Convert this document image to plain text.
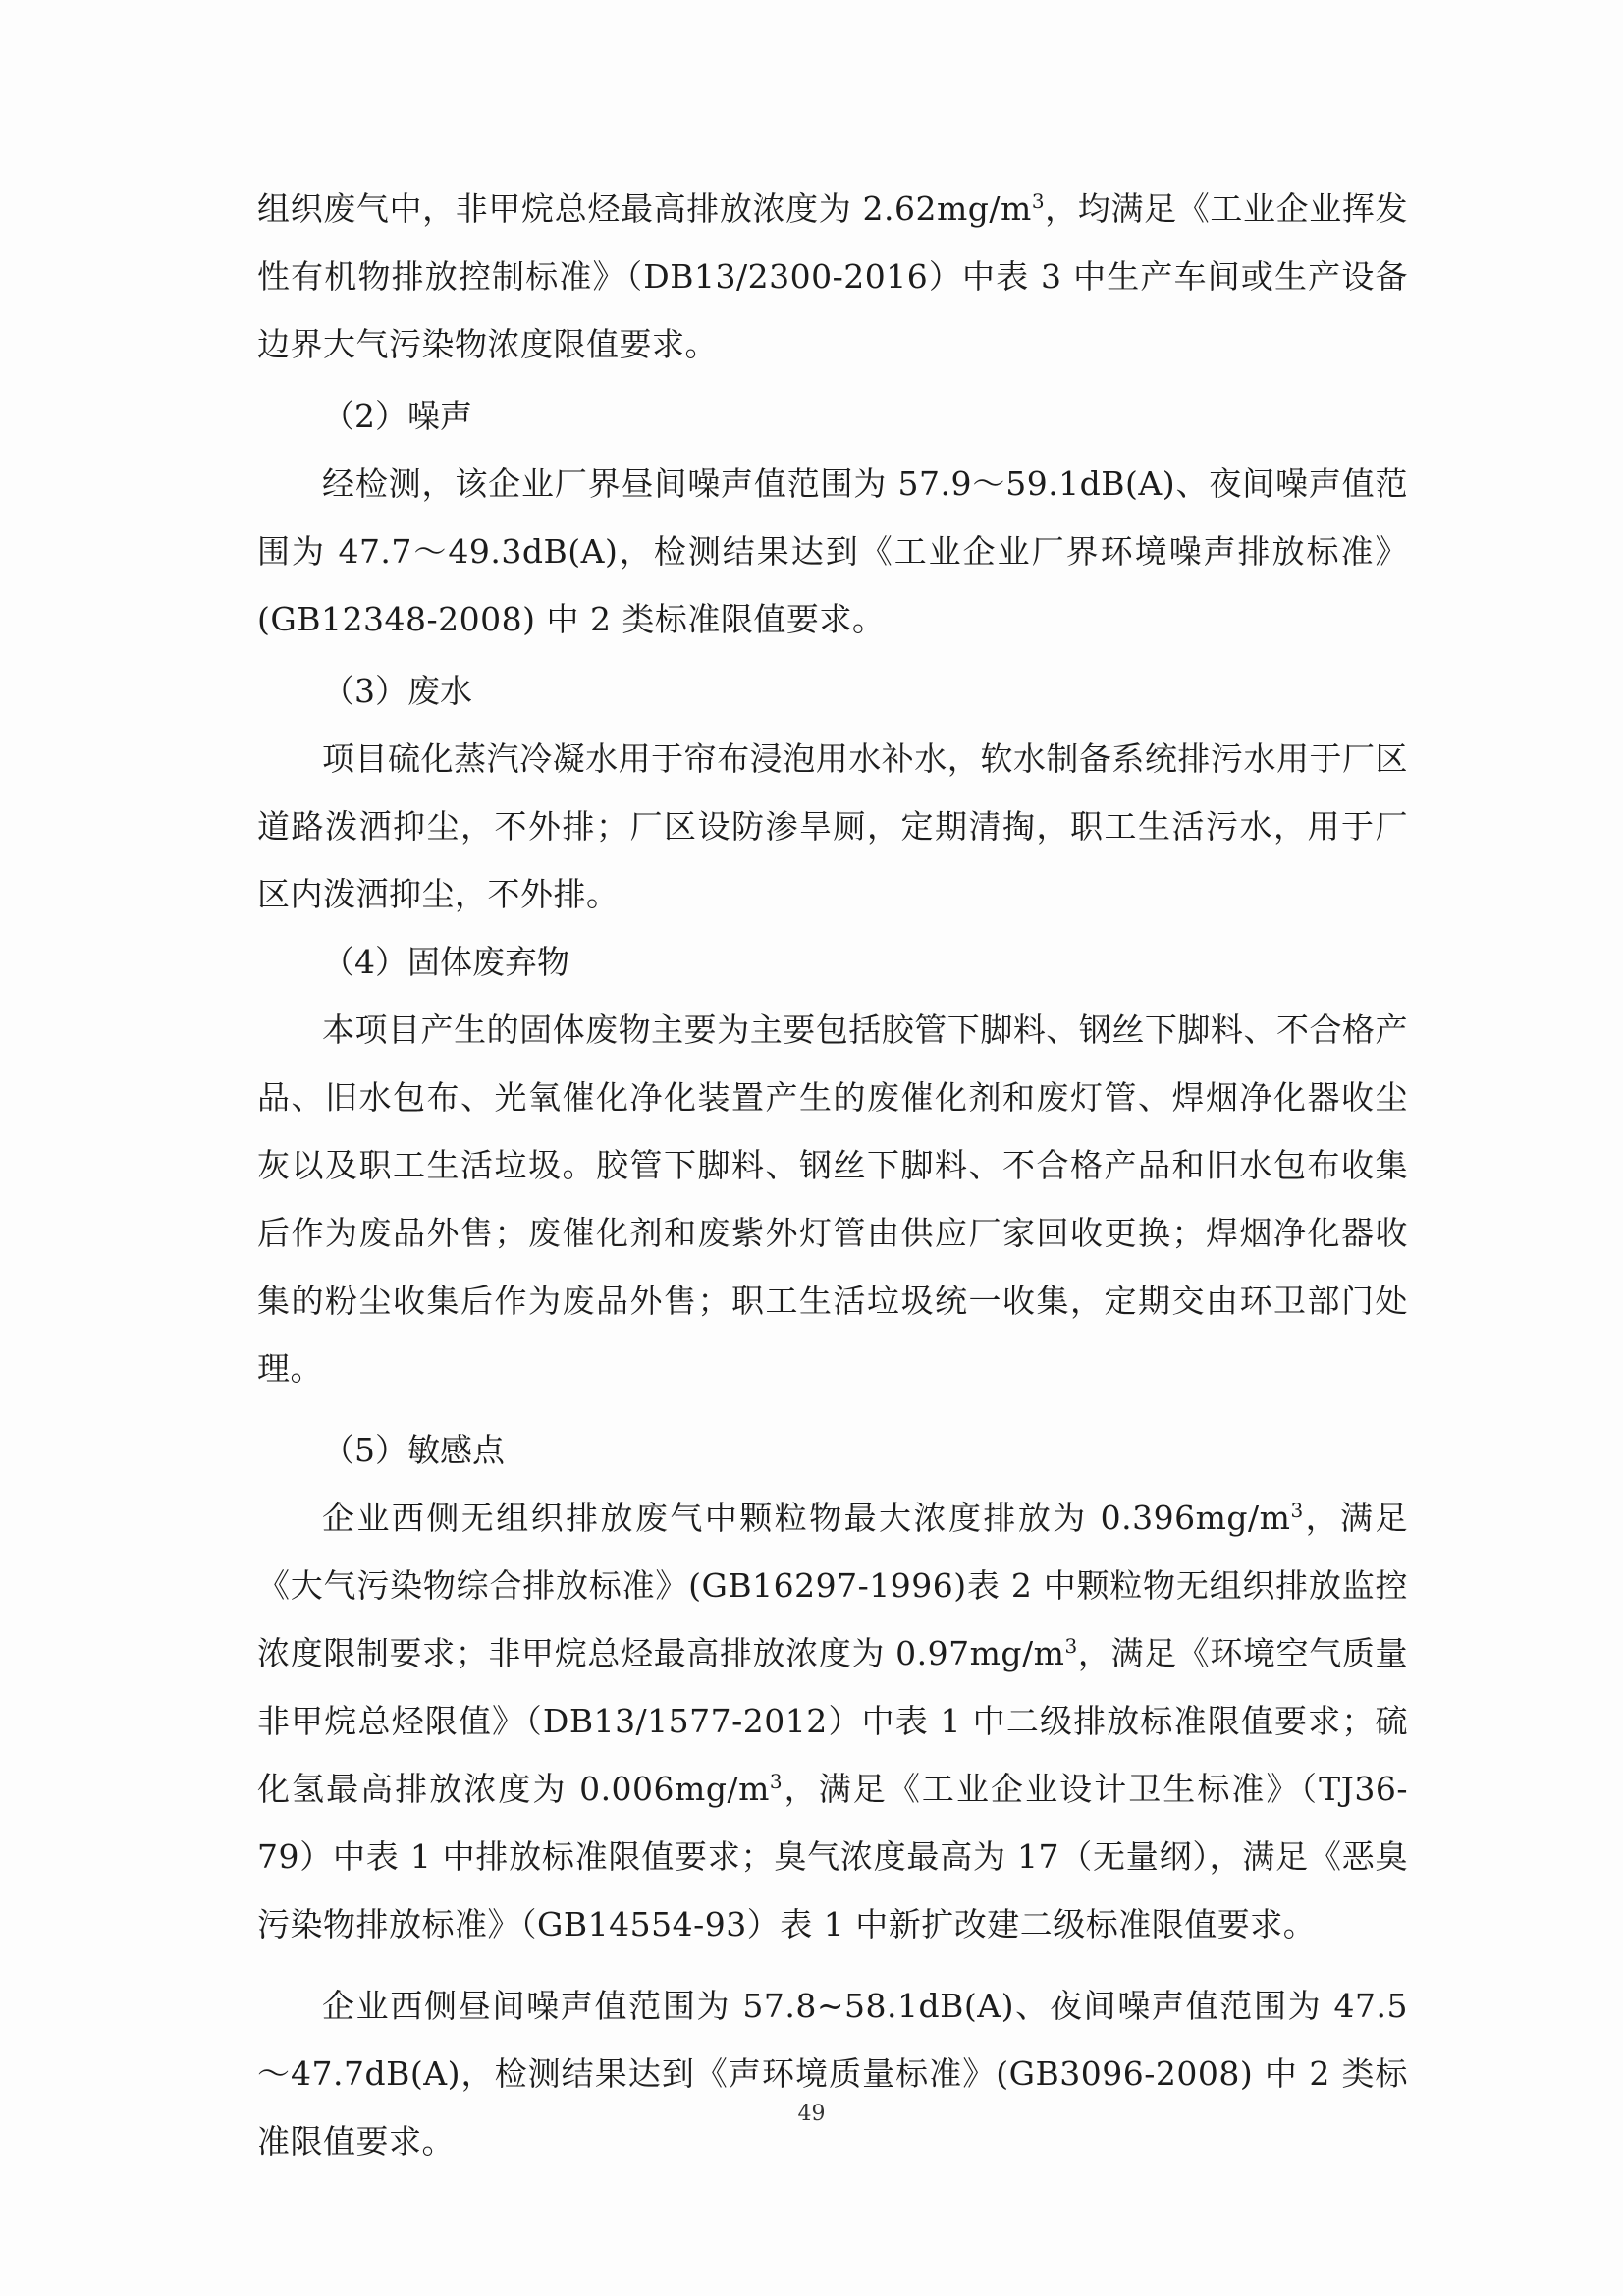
组织废气中，非甲烷总烃最高排放浓度为 $2.62mg/m^3$，均满足《工业企业挥发性有机物排放控制标准》（DB13/2300-2016）中表 3 中生产车间或生产设备边界大气污染物浓度限值要求。

（2）噪声

经检测，该企业厂界昼间噪声值范围为 57.9～59.1dB(A)、夜间噪声值范围为 47.7～49.3dB(A)，检测结果达到《工业企业厂界环境噪声排放标准》(GB12348-2008) 中 2 类标准限值要求。

（3）废水

项目硫化蒸汽冷凝水用于帘布浸泡用水补水，软水制备系统排污水用于厂区道路泼洒抑尘，不外排；厂区设防渗旱厕，定期清掏，职工生活污水，用于厂区内泼洒抑尘，不外排。

（4）固体废弃物

本项目产生的固体废物主要为主要包括胶管下脚料、钢丝下脚料、不合格产品、旧水包布、光氧催化净化装置产生的废催化剂和废灯管、焊烟净化器收尘灰以及职工生活垃圾。胶管下脚料、钢丝下脚料、不合格产品和旧水包布收集后作为废品外售；废催化剂和废紫外灯管由供应厂家回收更换；焊烟净化器收集的粉尘收集后作为废品外售；职工生活垃圾统一收集，定期交由环卫部门处理。

（5）敏感点

企业西侧无组织排放废气中颗粒物最大浓度排放为 $0.396mg/m^3$，满足《大气污染物综合排放标准》(GB16297-1996)表 2 中颗粒物无组织排放监控浓度限制要求；非甲烷总烃最高排放浓度为 $0.97mg/m^3$，满足《环境空气质量 非甲烷总烃限值》（DB13/1577-2012）中表 1 中二级排放标准限值要求；硫化氢最高排放浓度为 $0.006mg/m^3$，满足《工业企业设计卫生标准》（TJ36-79）中表 1 中排放标准限值要求；臭气浓度最高为 17（无量纲），满足《恶臭污染物排放标准》（GB14554-93）表 1 中新扩改建二级标准限值要求。

企业西侧昼间噪声值范围为 57.8~58.1dB(A)、夜间噪声值范围为 47.5～47.7dB(A)，检测结果达到《声环境质量标准》(GB3096-2008) 中 2 类标准限值要求。

49
